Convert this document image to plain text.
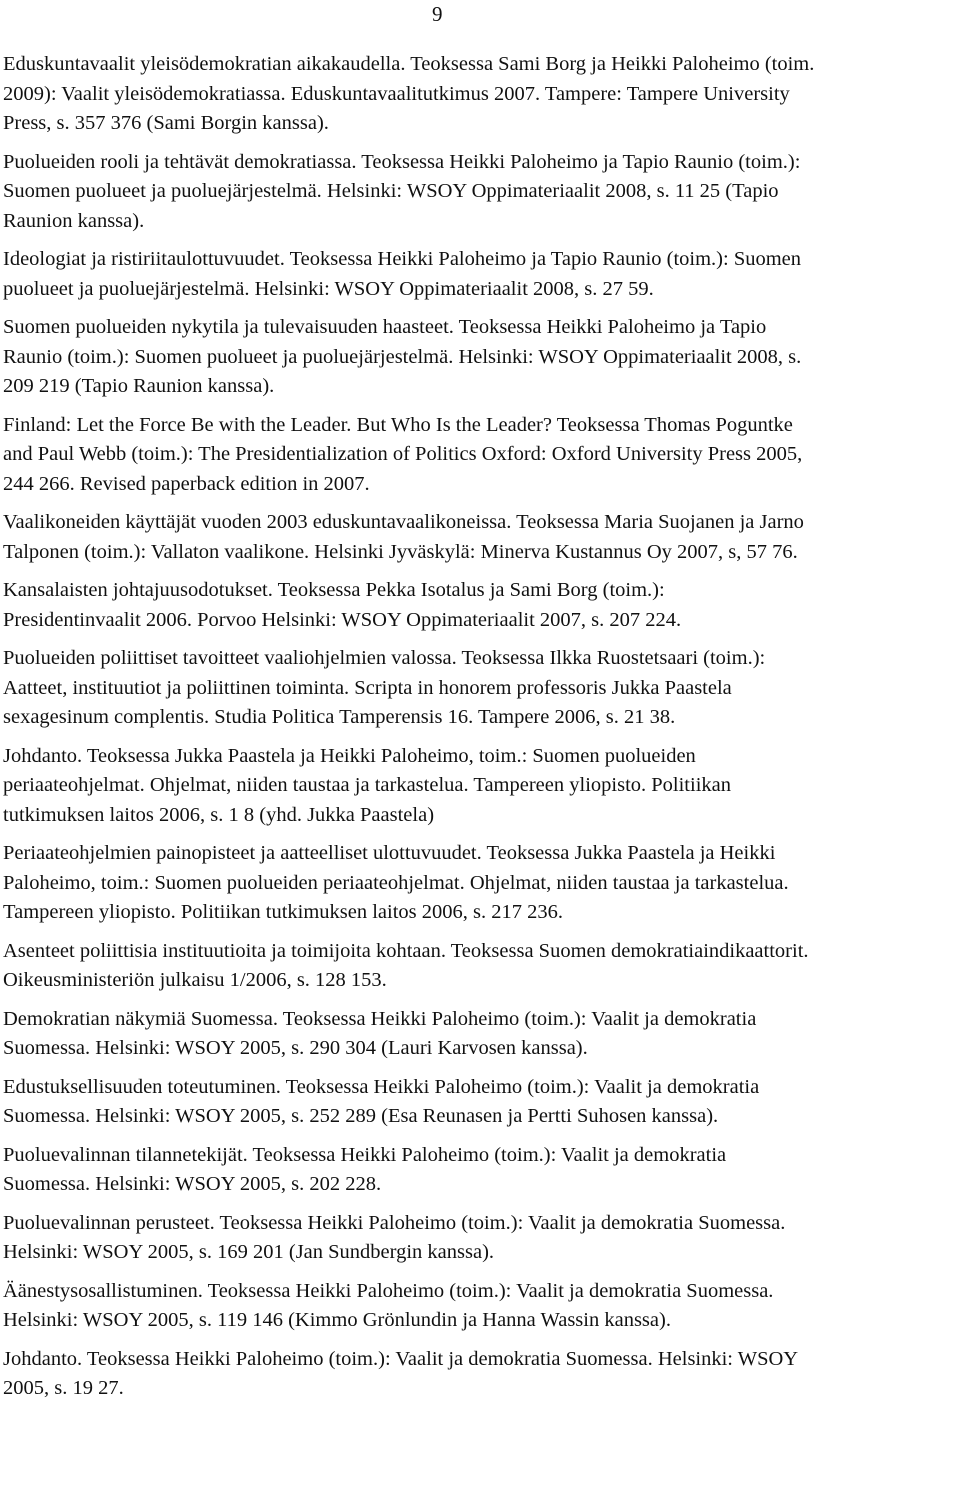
9
Eduskuntavaalit yleisödemokratian aikakaudella. Teoksessa Sami Borg ja Heikki Paloheimo (toim.
2009): Vaalit yleisödemokratiassa. Eduskuntavaalitutkimus 2007. Tampere: Tampere University
Press, s. 357 376 (Sami Borgin kanssa).
Puolueiden rooli ja tehtävät demokratiassa. Teoksessa Heikki Paloheimo ja Tapio Raunio (toim.):
Suomen puolueet ja puoluejärjestelmä. Helsinki: WSOY Oppimateriaalit 2008, s. 11 25 (Tapio
Raunion kanssa).
Ideologiat ja ristiriitaulottuvuudet. Teoksessa Heikki Paloheimo ja Tapio Raunio (toim.): Suomen
puolueet ja puoluejärjestelmä. Helsinki: WSOY Oppimateriaalit 2008, s. 27 59.
Suomen puolueiden nykytila ja tulevaisuuden haasteet. Teoksessa Heikki Paloheimo ja Tapio
Raunio (toim.): Suomen puolueet ja puoluejärjestelmä. Helsinki: WSOY Oppimateriaalit 2008, s.
209 219 (Tapio Raunion kanssa).
Finland: Let the Force Be with the Leader. But Who Is the Leader? Teoksessa Thomas Poguntke
and Paul Webb (toim.): The Presidentialization of Politics Oxford: Oxford University Press 2005,
244 266. Revised paperback edition in 2007.
Vaalikoneiden käyttäjät vuoden 2003 eduskuntavaalikoneissa. Teoksessa Maria Suojanen ja Jarno
Talponen (toim.): Vallaton vaalikone. Helsinki Jyväskylä: Minerva Kustannus Oy 2007, s, 57 76.
Kansalaisten johtajuusodotukset. Teoksessa Pekka Isotalus ja Sami Borg (toim.):
Presidentinvaalit 2006. Porvoo Helsinki: WSOY Oppimateriaalit 2007, s. 207 224.
Puolueiden poliittiset tavoitteet vaaliohjelmien valossa. Teoksessa Ilkka Ruostetsaari (toim.):
Aatteet, instituutiot ja poliittinen toiminta. Scripta in honorem professoris Jukka Paastela
sexagesinum complentis. Studia Politica Tamperensis 16. Tampere 2006, s. 21 38.
Johdanto. Teoksessa Jukka Paastela ja Heikki Paloheimo, toim.: Suomen puolueiden
periaateohjelmat. Ohjelmat, niiden taustaa ja tarkastelua. Tampereen yliopisto. Politiikan
tutkimuksen laitos 2006, s. 1 8 (yhd. Jukka Paastela)
Periaateohjelmien painopisteet ja aatteelliset ulottuvuudet. Teoksessa Jukka Paastela ja Heikki
Paloheimo, toim.: Suomen puolueiden periaateohjelmat. Ohjelmat, niiden taustaa ja tarkastelua.
Tampereen yliopisto. Politiikan tutkimuksen laitos 2006, s. 217 236.
Asenteet poliittisia instituutioita ja toimijoita kohtaan. Teoksessa Suomen demokratiaindikaattorit.
Oikeusministeriön julkaisu 1/2006, s. 128 153.
Demokratian näkymiä Suomessa. Teoksessa Heikki Paloheimo (toim.): Vaalit ja demokratia
Suomessa. Helsinki: WSOY 2005, s. 290 304 (Lauri Karvosen kanssa).
Edustuksellisuuden toteutuminen. Teoksessa Heikki Paloheimo (toim.): Vaalit ja demokratia
Suomessa. Helsinki: WSOY 2005, s. 252 289 (Esa Reunasen ja Pertti Suhosen kanssa).
Puoluevalinnan tilannetekijät. Teoksessa Heikki Paloheimo (toim.): Vaalit ja demokratia
Suomessa. Helsinki: WSOY 2005, s. 202 228.
Puoluevalinnan perusteet. Teoksessa Heikki Paloheimo (toim.): Vaalit ja demokratia Suomessa.
Helsinki: WSOY 2005, s. 169 201 (Jan Sundbergin kanssa).
Äänestysosallistuminen. Teoksessa Heikki Paloheimo (toim.): Vaalit ja demokratia Suomessa.
Helsinki: WSOY 2005, s. 119 146 (Kimmo Grönlundin ja Hanna Wassin kanssa).
Johdanto. Teoksessa Heikki Paloheimo (toim.): Vaalit ja demokratia Suomessa. Helsinki: WSOY
2005, s. 19 27.
